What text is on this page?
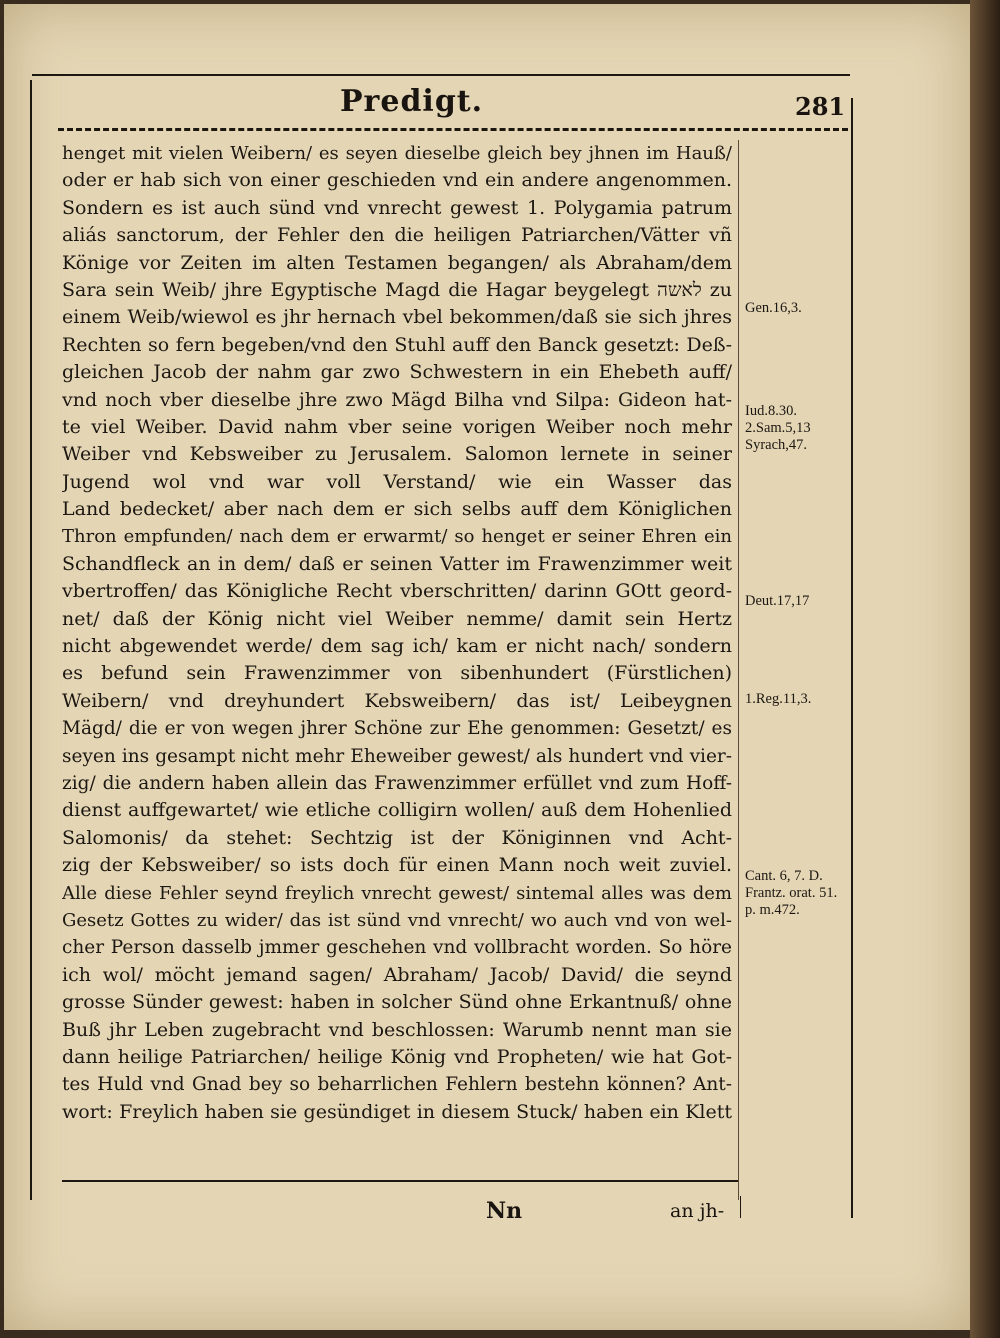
Predigt.	281
henget mit vielen Weibern/ es seyen dieselbe gleich bey jhnen im Hauß/
oder er hab sich von einer geschieden vnd ein andere angenommen.
Sondern es ist auch sünd vnd vnrecht gewest 1. Polygamia patrum
aliás sanctorum, der Fehler den die heiligen Patriarchen/Vätter vñ
Könige vor Zeiten im alten Testamen begangen/ als Abraham/dem
Sara sein Weib/ jhre Egyptische Magd die Hagar beygelegt לאשה zu
einem Weib/wiewol es jhr hernach vbel bekommen/daß sie sich jhres
Rechten so fern begeben/vnd den Stuhl auff den Banck gesetzt: Deß-
gleichen Jacob der nahm gar zwo Schwestern in ein Ehebeth auff/
vnd noch vber dieselbe jhre zwo Mägd Bilha vnd Silpa: Gideon hat-
te viel Weiber. David nahm vber seine vorigen Weiber noch mehr
Weiber vnd Kebsweiber zu Jerusalem. Salomon lernete in seiner
Jugend wol vnd war voll Verstand/ wie ein Wasser das
Land bedecket/ aber nach dem er sich selbs auff dem Königlichen
Thron empfunden/ nach dem er erwarmt/ so henget er seiner Ehren ein
Schandfleck an in dem/ daß er seinen Vatter im Frawenzimmer weit
vbertroffen/ das Königliche Recht vberschritten/ darinn GOtt geord-
net/ daß der König nicht viel Weiber nemme/ damit sein Hertz
nicht abgewendet werde/ dem sag ich/ kam er nicht nach/ sondern
es befund sein Frawenzimmer von sibenhundert (Fürstlichen)
Weibern/ vnd dreyhundert Kebsweibern/ das ist/ Leibeygnen
Mägd/ die er von wegen jhrer Schöne zur Ehe genommen: Gesetzt/ es
seyen ins gesampt nicht mehr Eheweiber gewest/ als hundert vnd vier-
zig/ die andern haben allein das Frawenzimmer erfüllet vnd zum Hoff-
dienst auffgewartet/ wie etliche colligirn wollen/ auß dem Hohenlied
Salomonis/ da stehet: Sechtzig ist der Königinnen vnd Acht-
zig der Kebsweiber/ so ists doch für einen Mann noch weit zuviel.
Alle diese Fehler seynd freylich vnrecht gewest/ sintemal alles was dem
Gesetz Gottes zu wider/ das ist sünd vnd vnrecht/ wo auch vnd von wel-
cher Person dasselb jmmer geschehen vnd vollbracht worden. So höre
ich wol/ möcht jemand sagen/ Abraham/ Jacob/ David/ die seynd
grosse Sünder gewest: haben in solcher Sünd ohne Erkantnuß/ ohne
Buß jhr Leben zugebracht vnd beschlossen: Warumb nennt man sie
dann heilige Patriarchen/ heilige König vnd Propheten/ wie hat Got-
tes Huld vnd Gnad bey so beharrlichen Fehlern bestehn können? Ant-
wort: Freylich haben sie gesündiget in diesem Stuck/ haben ein Klett
Gen.16,3.
Iud.8.30. 2.Sam.5,13 Syrach,47.
Deut.17,17
1.Reg.11,3.
Cant. 6, 7. D. Frantz. orat. 51. p. m.472.
Nn	an jh-
